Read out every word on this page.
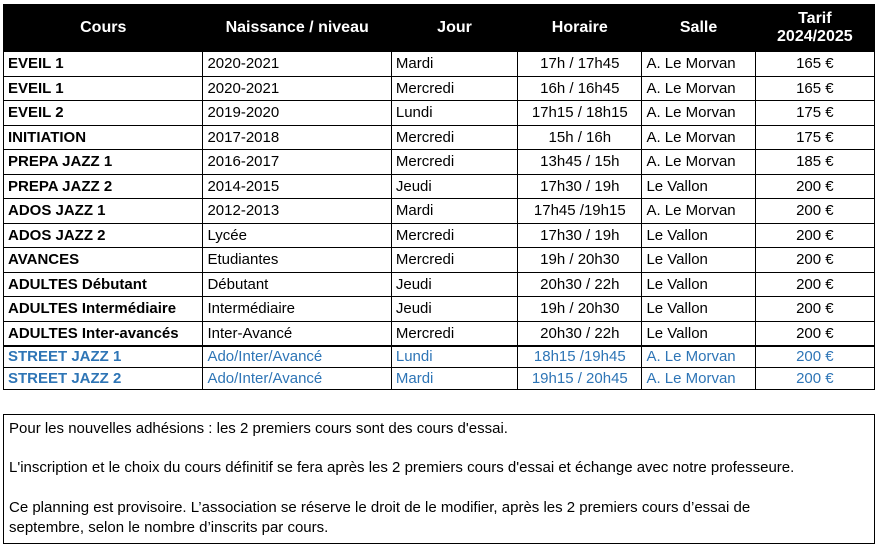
Cours	Naissance / niveau	Jour	Horaire	Salle	Tarif
2024/2025
EVEIL 1	2020-2021	Mardi	17h / 17h45	A. Le Morvan	165 €
EVEIL 1	2020-2021	Mercredi	16h / 16h45	A. Le Morvan	165 €
EVEIL 2	2019-2020	Lundi	17h15 / 18h15	A. Le Morvan	175 €
INITIATION	2017-2018	Mercredi	15h / 16h	A. Le Morvan	175 €
PREPA JAZZ 1	2016-2017	Mercredi	13h45 / 15h	A. Le Morvan	185 €
PREPA JAZZ 2	2014-2015	Jeudi	17h30 / 19h	Le Vallon	200 €
ADOS JAZZ 1	2012-2013	Mardi	17h45 /19h15	A. Le Morvan	200 €
ADOS JAZZ 2	Lycée	Mercredi	17h30 / 19h	Le Vallon	200 €
AVANCES	Etudiantes	Mercredi	19h / 20h30	Le Vallon	200 €
ADULTES Débutant	Débutant	Jeudi	20h30 / 22h	Le Vallon	200 €
ADULTES Intermédiaire	Intermédiaire	Jeudi	19h / 20h30	Le Vallon	200 €
ADULTES Inter-avancés	Inter-Avancé	Mercredi	20h30 / 22h	Le Vallon	200 €
STREET JAZZ 1	Ado/Inter/Avancé	Lundi	18h15 /19h45	A. Le Morvan	200 €
STREET JAZZ 2	Ado/Inter/Avancé	Mardi	19h15 / 20h45	A. Le Morvan	200 €

Pour les nouvelles adhésions : les 2 premiers cours sont des cours d'essai.

L'inscription et le choix du cours définitif se fera après les 2 premiers cours d'essai et échange avec notre professeure.

Ce planning est provisoire. L’association se réserve le droit de le modifier, après les 2 premiers cours d’essai de

septembre, selon le nombre d’inscrits par cours.
